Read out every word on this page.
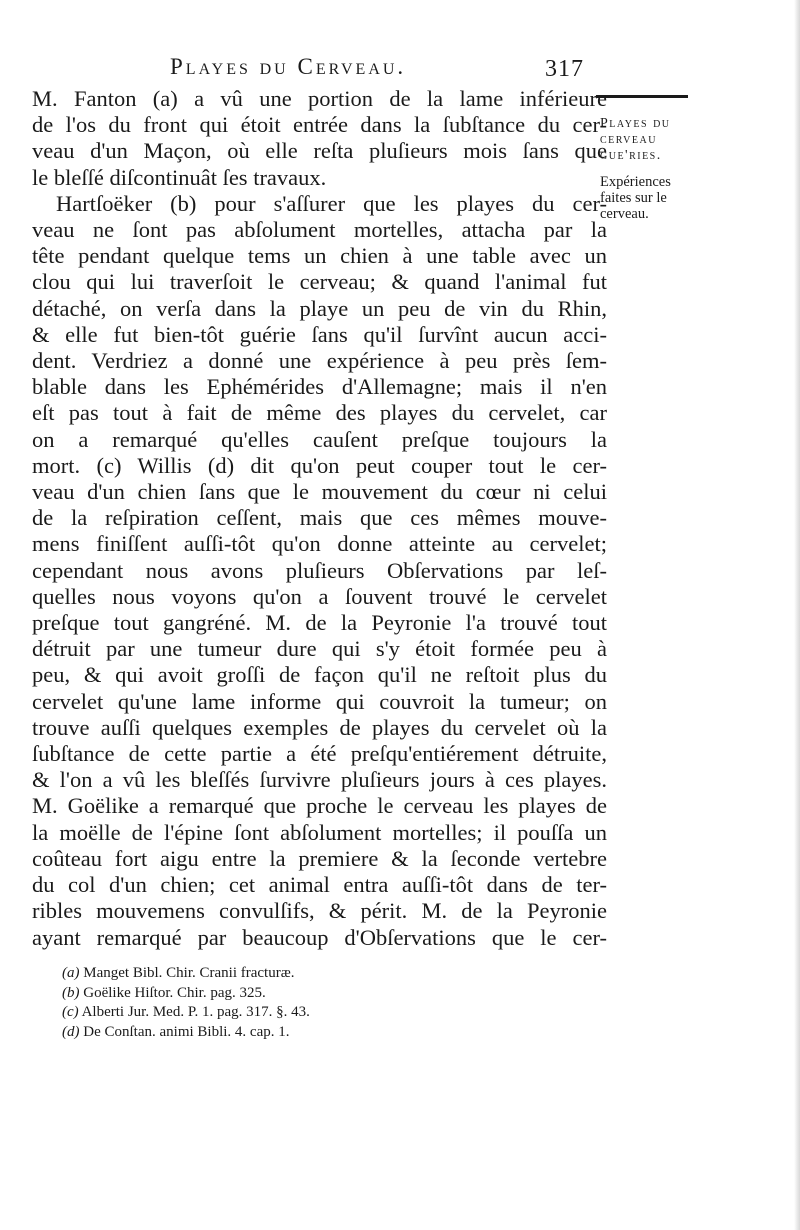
Playes du Cerveau.	317
Playes du
cerveau
gue'ries.
Expériences
faites sur le
cerveau.
M. Fanton (a) a vû une portion de la lame inférieure
de l'os du front qui étoit entrée dans la ſubſtance du cer-
veau d'un Maçon, où elle reſta pluſieurs mois ſans que
le bleſſé diſcontinuât ſes travaux.
Hartſoëker (b) pour s'aſſurer que les playes du cer-
veau ne ſont pas abſolument mortelles, attacha par la
tête pendant quelque tems un chien à une table avec un
clou qui lui traverſoit le cerveau; & quand l'animal fut
détaché, on verſa dans la playe un peu de vin du Rhin,
& elle fut bien-tôt guérie ſans qu'il ſurvînt aucun acci-
dent. Verdriez a donné une expérience à peu près ſem-
blable dans les Ephémérides d'Allemagne; mais il n'en
eſt pas tout à fait de même des playes du cervelet, car
on a remarqué qu'elles cauſent preſque toujours la
mort. (c) Willis (d) dit qu'on peut couper tout le cer-
veau d'un chien ſans que le mouvement du cœur ni celui
de la reſpiration ceſſent, mais que ces mêmes mouve-
mens finiſſent auſſi-tôt qu'on donne atteinte au cervelet;
cependant nous avons pluſieurs Obſervations par leſ-
quelles nous voyons qu'on a ſouvent trouvé le cervelet
preſque tout gangréné. M. de la Peyronie l'a trouvé tout
détruit par une tumeur dure qui s'y étoit formée peu à
peu, & qui avoit groſſi de façon qu'il ne reſtoit plus du
cervelet qu'une lame informe qui couvroit la tumeur; on
trouve auſſi quelques exemples de playes du cervelet où la
ſubſtance de cette partie a été preſqu'entiérement détruite,
& l'on a vû les bleſſés ſurvivre pluſieurs jours à ces playes.
M. Goëlike a remarqué que proche le cerveau les playes de
la moëlle de l'épine ſont abſolument mortelles; il pouſſa un
coûteau fort aigu entre la premiere & la ſeconde vertebre
du col d'un chien; cet animal entra auſſi-tôt dans de ter-
ribles mouvemens convulſifs, & périt. M. de la Peyronie
ayant remarqué par beaucoup d'Obſervations que le cer-
(a) Manget Bibl. Chir. Cranii fracturæ.
(b) Goëlike Hiſtor. Chir. pag. 325.
(c) Alberti Jur. Med. P. 1. pag. 317. §. 43.
(d) De Conſtan. animi Bibli. 4. cap. 1.
